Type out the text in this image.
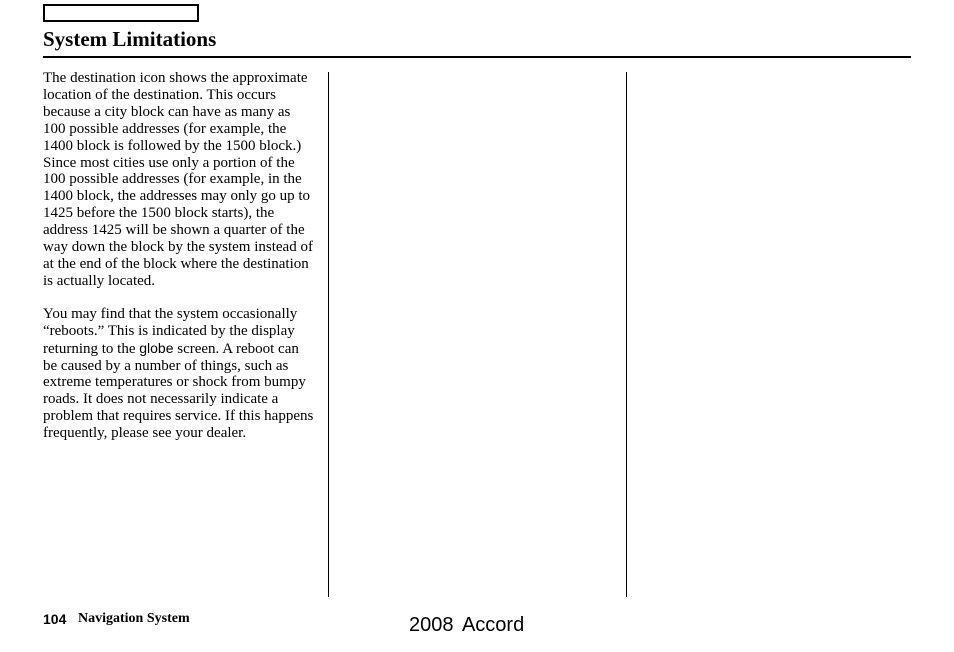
System Limitations

The destination icon shows the approximate location of the destination. This occurs because a city block can have as many as 100 possible addresses (for example, the 1400 block is followed by the 1500 block.) Since most cities use only a portion of the 100 possible addresses (for example, in the 1400 block, the addresses may only go up to 1425 before the 1500 block starts), the address 1425 will be shown a quarter of the way down the block by the system instead of at the end of the block where the destination is actually located.

You may find that the system occasionally “reboots.” This is indicated by the display returning to the globe screen. A reboot can be caused by a number of things, such as extreme temperatures or shock from bumpy roads. It does not necessarily indicate a problem that requires service. If this happens frequently, please see your dealer.

104 Navigation System	2008 Accord
